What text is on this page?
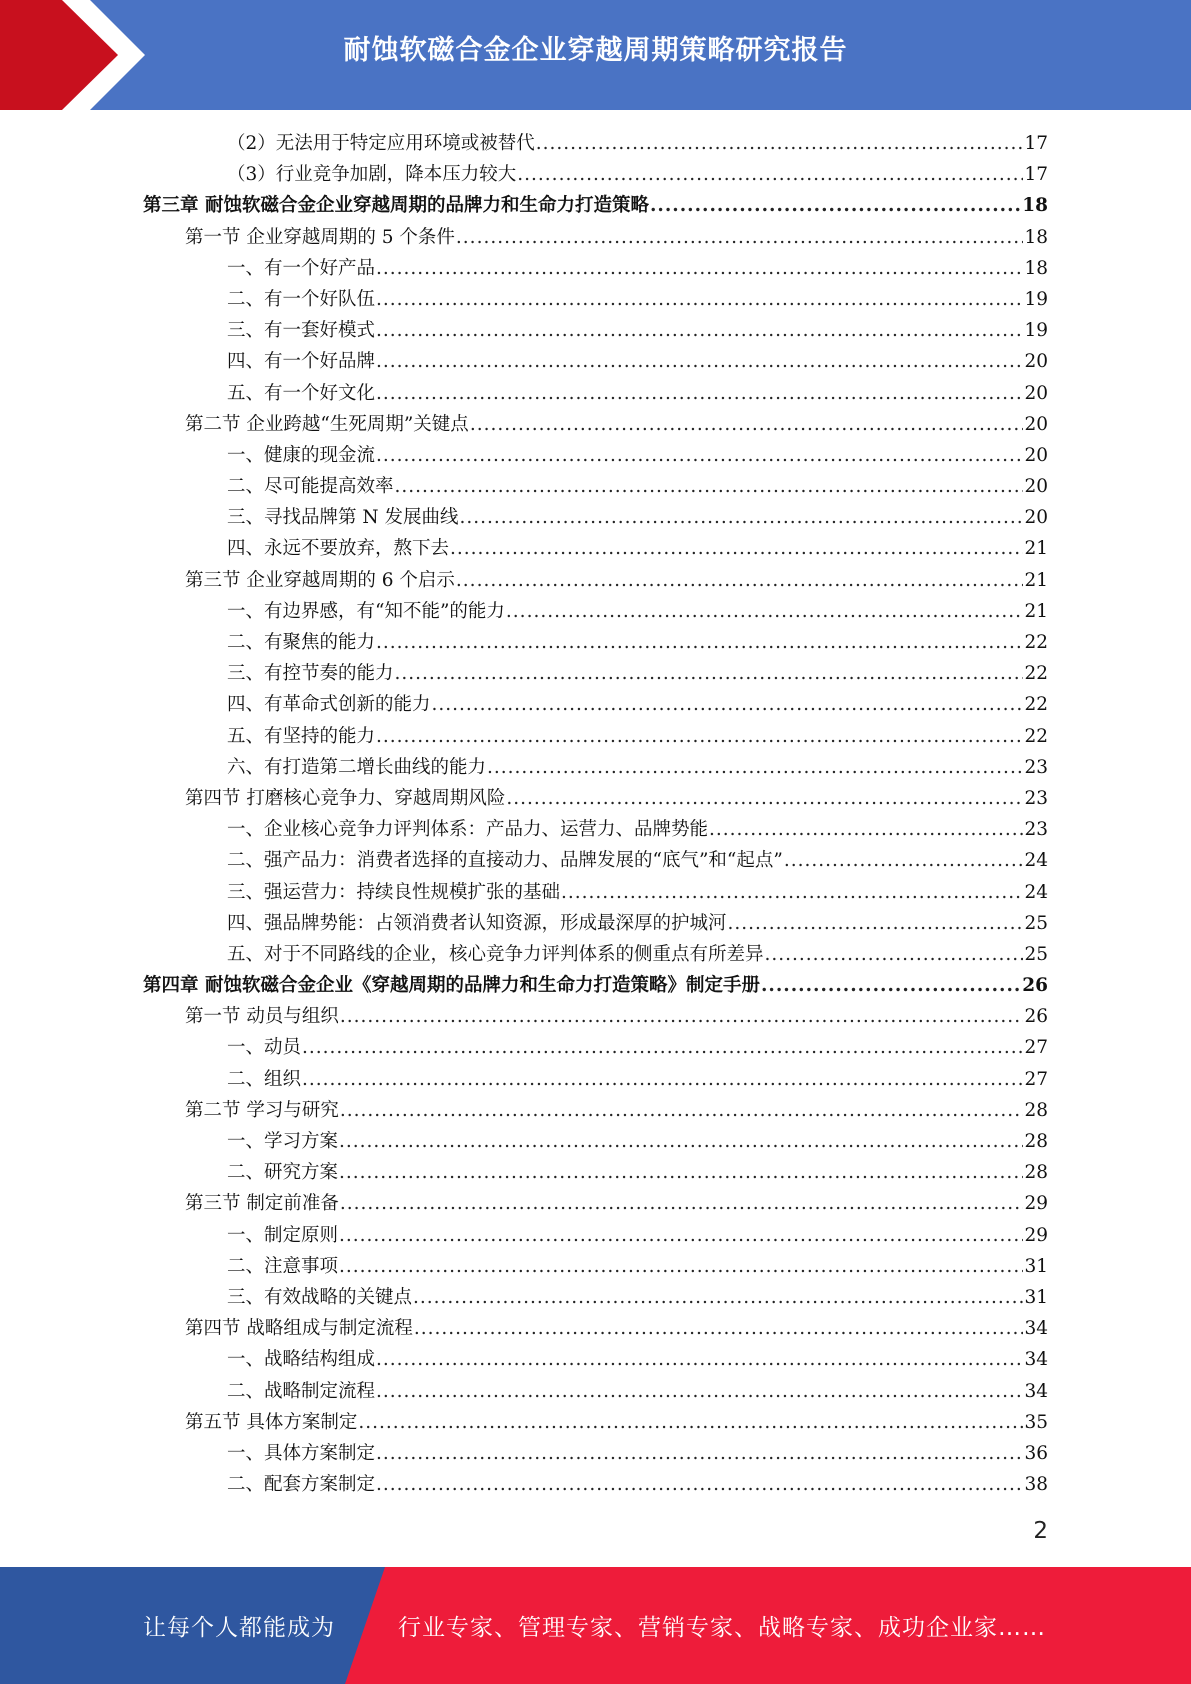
耐蚀软磁合金企业穿越周期策略研究报告
（2）无法用于特定应用环境或被替代 .....	17
（3）行业竞争加剧，降本压力较大 .....	17
第三章 耐蚀软磁合金企业穿越周期的品牌力和生命力打造策略 .....	18
第一节 企业穿越周期的 5 个条件 .....	18
一、有一个好产品 .....	18
二、有一个好队伍 .....	19
三、有一套好模式 .....	19
四、有一个好品牌 .....	20
五、有一个好文化 .....	20
第二节 企业跨越“生死周期”关键点 .....	20
一、健康的现金流 .....	20
二、尽可能提高效率 .....	20
三、寻找品牌第 N 发展曲线 .....	20
四、永远不要放弃，熬下去 .....	21
第三节 企业穿越周期的 6 个启示 .....	21
一、有边界感，有“知不能”的能力 .....	21
二、有聚焦的能力 .....	22
三、有控节奏的能力 .....	22
四、有革命式创新的能力 .....	22
五、有坚持的能力 .....	22
六、有打造第二增长曲线的能力 .....	23
第四节 打磨核心竞争力、穿越周期风险 .....	23
一、企业核心竞争力评判体系：产品力、运营力、品牌势能 .....	23
二、强产品力：消费者选择的直接动力、品牌发展的“底气”和“起点” .....	24
三、强运营力：持续良性规模扩张的基础 .....	24
四、强品牌势能：占领消费者认知资源，形成最深厚的护城河 .....	25
五、对于不同路线的企业，核心竞争力评判体系的侧重点有所差异 .....	25
第四章 耐蚀软磁合金企业《穿越周期的品牌力和生命力打造策略》制定手册 .....	26
第一节 动员与组织 .....	26
一、动员 .....	27
二、组织 .....	27
第二节 学习与研究 .....	28
一、学习方案 .....	28
二、研究方案 .....	28
第三节 制定前准备 .....	29
一、制定原则 .....	29
二、注意事项 .....	31
三、有效战略的关键点 .....	31
第四节 战略组成与制定流程 .....	34
一、战略结构组成 .....	34
二、战略制定流程 .....	34
第五节 具体方案制定 .....	35
一、具体方案制定 .....	36
二、配套方案制定 .....	38
2
让每个人都能成为	行业专家、管理专家、营销专家、战略专家、成功企业家……
